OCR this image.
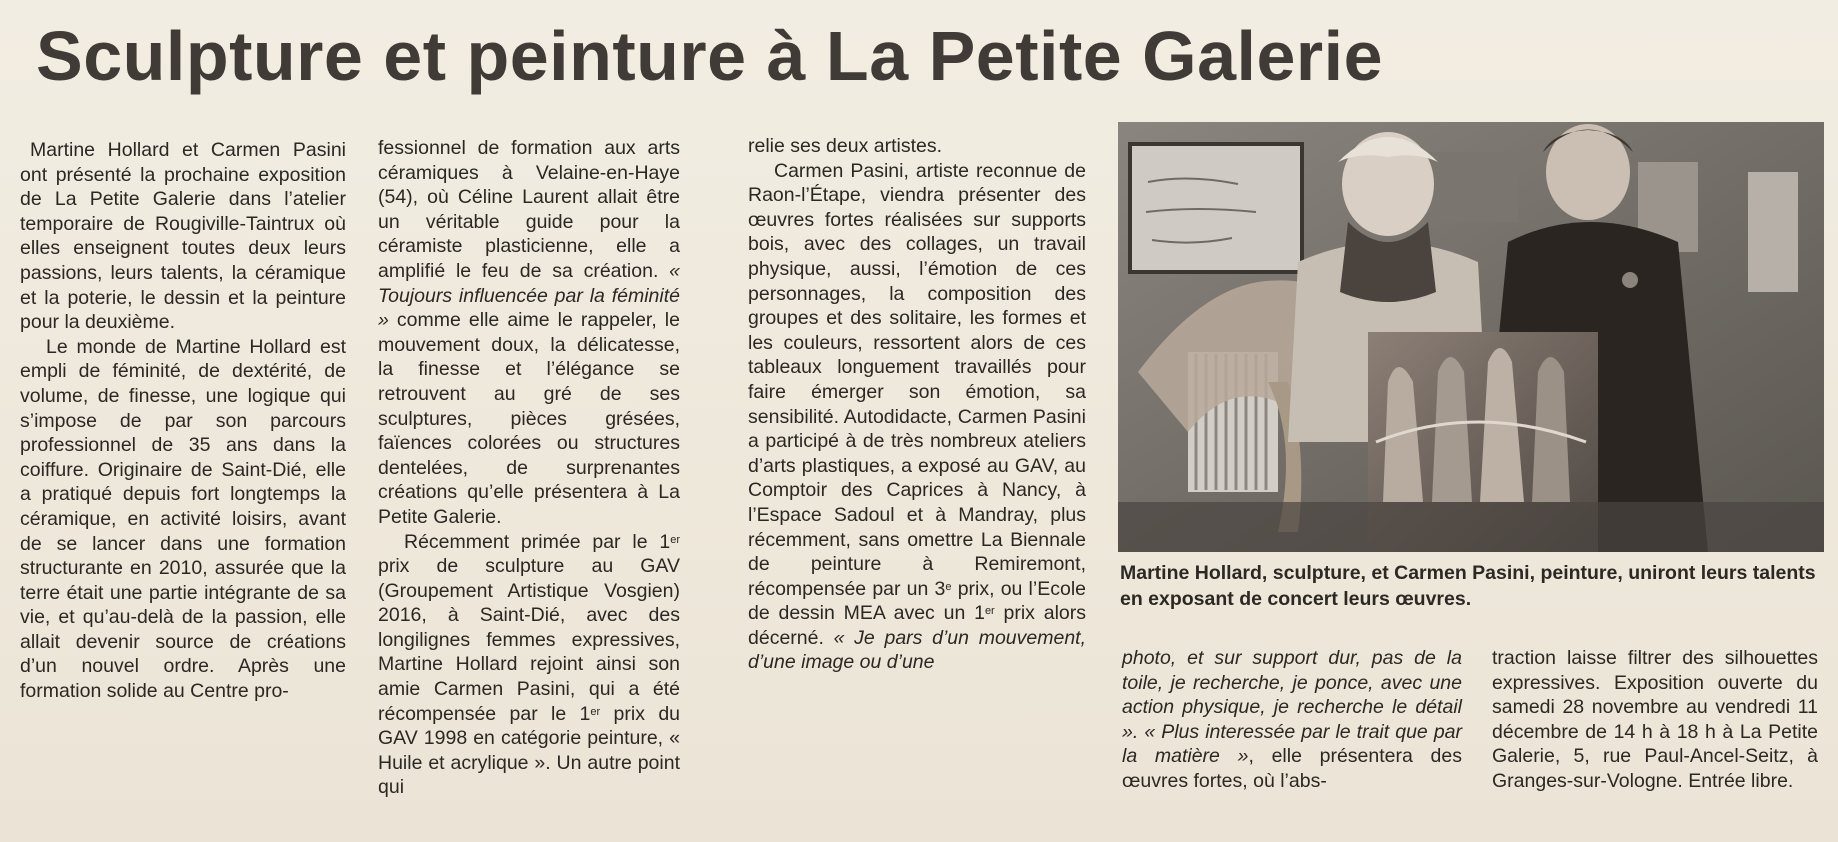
Sculpture et peinture à La Petite Galerie

Martine Hollard et Carmen Pasini ont présenté la prochaine exposition de La Petite Galerie dans l’atelier temporaire de Rougiville-Taintrux où elles enseignent toutes deux leurs passions, leurs talents, la céramique et la poterie, le dessin et la peinture pour la deuxième.

Le monde de Martine Hollard est empli de féminité, de dextérité, de volume, de finesse, une logique qui s’impose de par son parcours professionnel de 35 ans dans la coiffure. Originaire de Saint-Dié, elle a pratiqué depuis fort longtemps la céramique, en activité loisirs, avant de se lancer dans une formation structurante en 2010, assurée que la terre était une partie intégrante de sa vie, et qu’au-delà de la passion, elle allait devenir source de créations d’un nouvel ordre. Après une formation solide au Centre pro-

fessionnel de formation aux arts céramiques à Velaine-en-Haye (54), où Céline Laurent allait être un véritable guide pour la céramiste plasticienne, elle a amplifié le feu de sa création. « Toujours influencée par la féminité » comme elle aime le rappeler, le mouvement doux, la délicatesse, la finesse et l’élégance se retrouvent au gré de ses sculptures, pièces grésées, faïences colorées ou structures dentelées, de surprenantes créations qu’elle présentera à La Petite Galerie.

Récemment primée par le 1er prix de sculpture au GAV (Groupement Artistique Vosgien) 2016, à Saint-Dié, avec des longilignes femmes expressives, Martine Hollard rejoint ainsi son amie Carmen Pasini, qui a été récompensée par le 1er prix du GAV 1998 en catégorie peinture, « Huile et acrylique ». Un autre point qui

relie ses deux artistes.

Carmen Pasini, artiste reconnue de Raon-l’Étape, viendra présenter des œuvres fortes réalisées sur supports bois, avec des collages, un travail physique, aussi, l’émotion de ces personnages, la composition des groupes et des solitaire, les formes et les couleurs, ressortent alors de ces tableaux longuement travaillés pour faire émerger son émotion, sa sensibilité. Autodidacte, Carmen Pasini a participé à de très nombreux ateliers d’arts plastiques, a exposé au GAV, au Comptoir des Caprices à Nancy, à l’Espace Sadoul et à Mandray, plus récemment, sans omettre La Biennale de peinture à Remiremont, récompensée par un 3e prix, ou l’Ecole de dessin MEA avec un 1er prix alors décerné. « Je pars d’un mouvement, d’une image ou d’une

Martine Hollard, sculpture, et Carmen Pasini, peinture, uniront leurs talents en exposant de concert leurs œuvres.

photo, et sur support dur, pas de la toile, je recherche, je ponce, avec une action physique, je recherche le détail ». « Plus interessée par le trait que par la matière », elle présentera des œuvres fortes, où l’abs-

traction laisse filtrer des silhouettes expressives. Exposition ouverte du samedi 28 novembre au vendredi 11 décembre de 14 h à 18 h à La Petite Galerie, 5, rue Paul-Ancel-Seitz, à Granges-sur-Vologne. Entrée libre.
